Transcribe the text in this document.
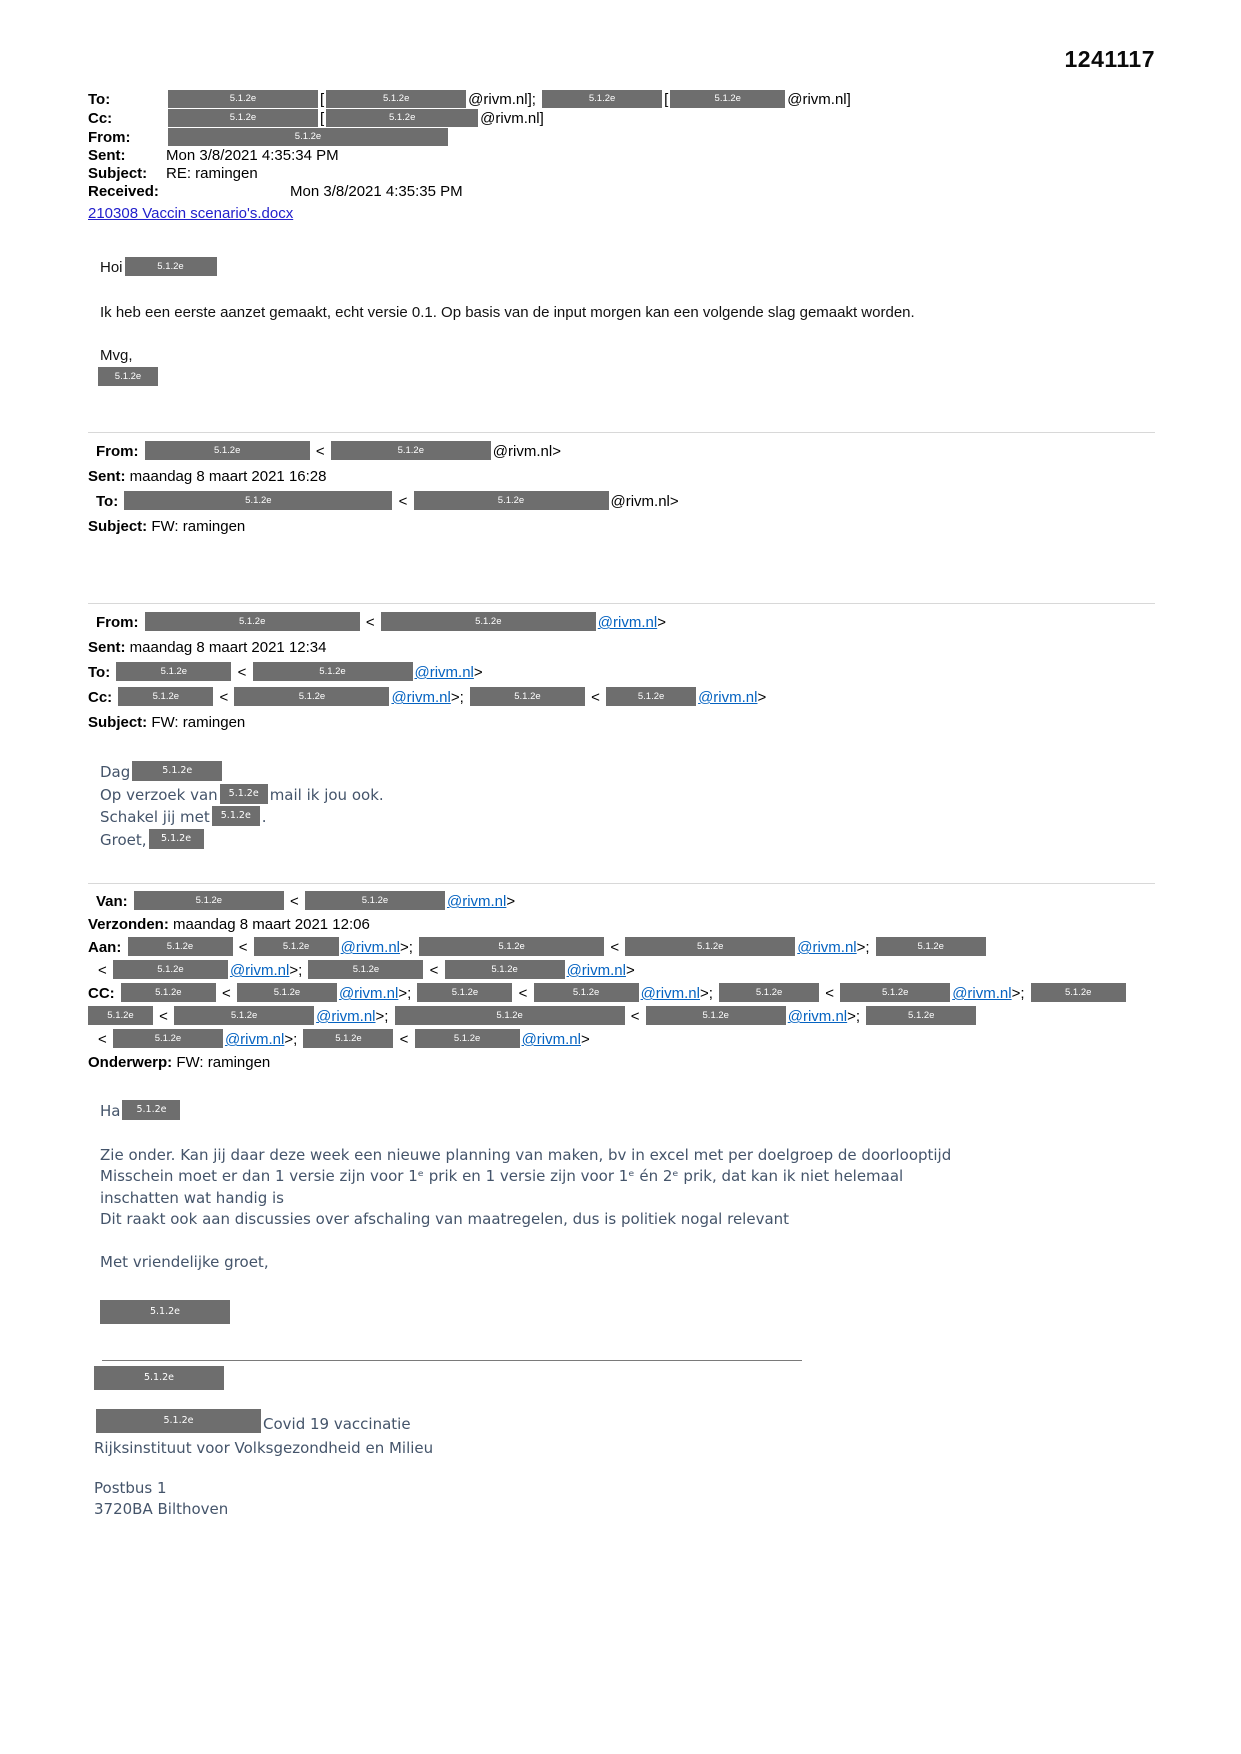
1241117
To:	5.1.2e	[	5.1.2e	@rivm.nl];	5.1.2e	[	5.1.2e	@rivm.nl]
Cc:	5.1.2e	[	5.1.2e	@rivm.nl]
From:	5.1.2e
Sent:	Mon 3/8/2021 4:35:34 PM
Subject:	RE: ramingen
Received:	Mon 3/8/2021 4:35:35 PM
210308 Vaccin scenario's.docx
Hoi	5.1.2e
Ik heb een eerste aanzet gemaakt, echt versie 0.1. Op basis van de input morgen kan een volgende slag gemaakt worden.
Mvg,
5.1.2e
From:	5.1.2e	<	5.1.2e	@rivm.nl>
Sent: maandag 8 maart 2021 16:28
To:	5.1.2e	<	5.1.2e	@rivm.nl>
Subject: FW: ramingen
From:	5.1.2e	<	5.1.2e	@rivm.nl>
Sent: maandag 8 maart 2021 12:34
To:	5.1.2e	<	5.1.2e	@rivm.nl>
Cc:	5.1.2e	<	5.1.2e	@rivm.nl>;	5.1.2e	<	5.1.2e @rivm.nl>
Subject: FW: ramingen
Dag	5.1.2e
Op verzoek van 5.1.2e mail ik jou ook.
Schakel jij met 5.1.2e .
Groet, 5.1.2e
Van:	5.1.2e	<	5.1.2e	@rivm.nl>
Verzonden: maandag 8 maart 2021 12:06
Aan:	5.1.2e	<	5.1.2e @rivm.nl>;	5.1.2e	<	5.1.2e	@rivm.nl>;	5.1.2e
<	5.1.2e	@rivm.nl>;	5.1.2e	<	5.1.2e	@rivm.nl>
CC:	5.1.2e	<	5.1.2e	@rivm.nl>;	5.1.2e	<	5.1.2e	@rivm.nl>;	5.1.2e	<	5.1.2e	@rivm.nl>;	5.1.2e
5.1.2e <	5.1.2e	@rivm.nl>;	5.1.2e	<	5.1.2e	@rivm.nl>;	5.1.2e
<	5.1.2e	@rivm.nl>;	5.1.2e	<	5.1.2e	@rivm.nl>
Onderwerp: FW: ramingen
Ha 5.1.2e
Zie onder. Kan jij daar deze week een nieuwe planning van maken, bv in excel met per doelgroep de doorlooptijd
Misschein moet er dan 1 versie zijn voor 1ᵉ prik en 1 versie zijn voor 1ᵉ én 2ᵉ prik, dat kan ik niet helemaal
inschatten wat handig is
Dit raakt ook aan discussies over afschaling van maatregelen, dus is politiek nogal relevant
Met vriendelijke groet,
5.1.2e
5.1.2e
5.1.2e	Covid 19 vaccinatie
Rijksinstituut voor Volksgezondheid en Milieu
Postbus 1
3720BA Bilthoven
